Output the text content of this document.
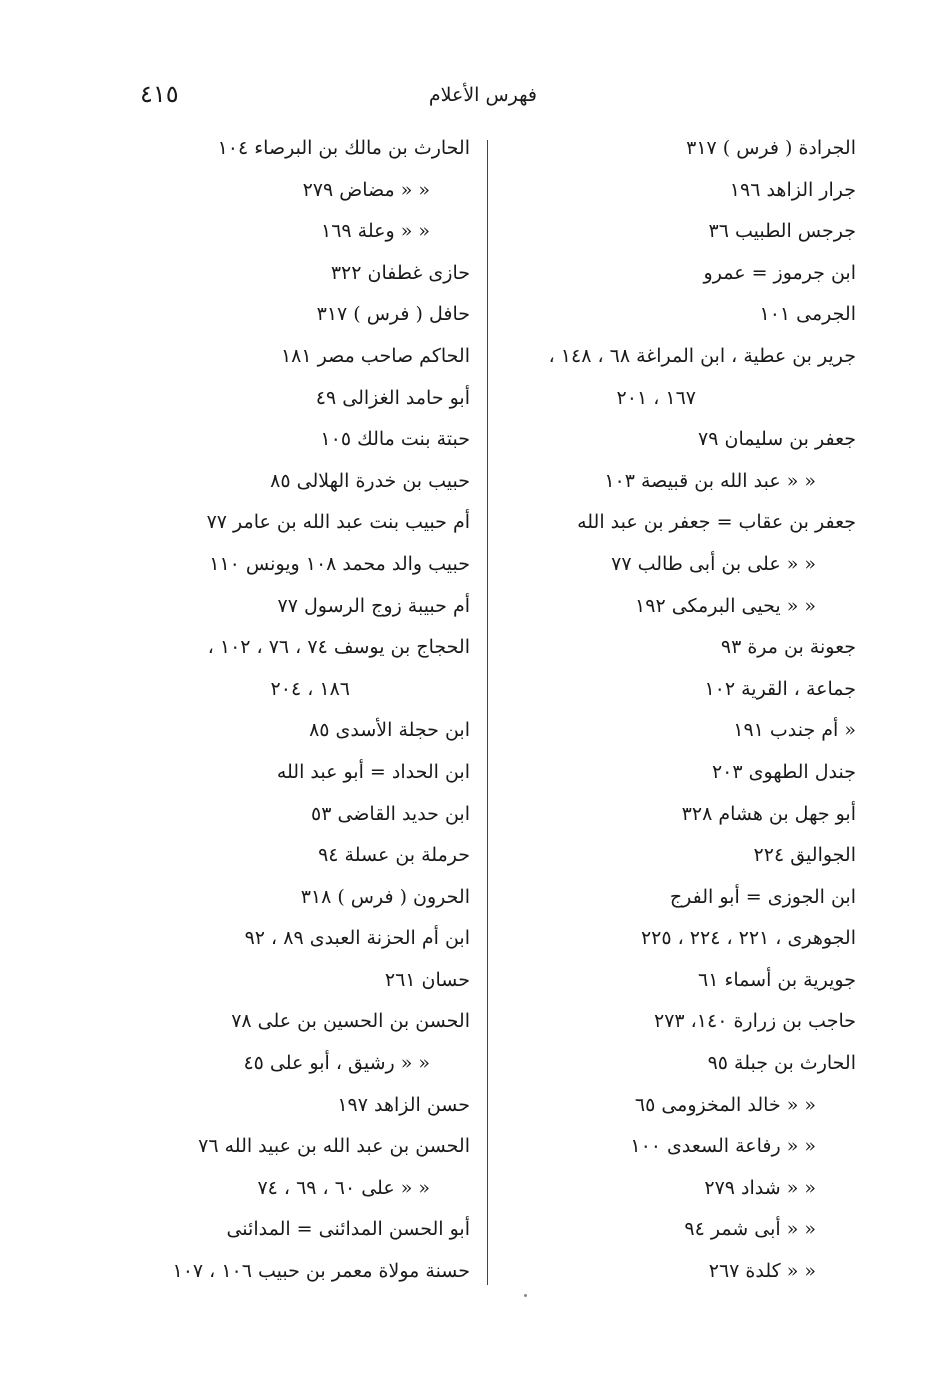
فهرس الأعلام
٤١٥
الجرادة ( فرس ) ٣١٧
جرار الزاهد ١٩٦
جرجس الطبيب ٣٦
ابن جرموز = عمرو
الجرمى ١٠١
جرير بن عطية ، ابن المراغة ٦٨ ، ١٤٨ ،
١٦٧ ، ٢٠١
جعفر بن سليمان ٧٩
« « عبد الله بن قبيصة ١٠٣
جعفر بن عقاب = جعفر بن عبد الله
« « على بن أبى طالب ٧٧
« « يحيى البرمكى ١٩٢
جعونة بن مرة ٩٣
جماعة ، القرية ١٠٢
« أم جندب ١٩١
جندل الطهوى ٢٠٣
أبو جهل بن هشام ٣٢٨
الجواليق ٢٢٤
ابن الجوزى = أبو الفرج
الجوهرى ، ٢٢١ ، ٢٢٤ ، ٢٢٥
جويرية بن أسماء ٦١
حاجب بن زرارة ١٤٠، ٢٧٣
الحارث بن جبلة ٩٥
« « خالد المخزومى ٦٥
« « رفاعة السعدى ١٠٠
« « شداد ٢٧٩
« « أبى شمر ٩٤
« « كلدة ٢٦٧
الحارث بن مالك بن البرصاء ١٠٤
« « مضاض ٢٧٩
« « وعلة ١٦٩
حازى غطفان ٣٢٢
حافل ( فرس ) ٣١٧
الحاكم صاحب مصر ١٨١
أبو حامد الغزالى ٤٩
حبتة بنت مالك ١٠٥
حبيب بن خدرة الهلالى ٨٥
أم حبيب بنت عبد الله بن عامر ٧٧
حبيب والد محمد ١٠٨ ويونس ١١٠
أم حبيبة زوج الرسول ٧٧
الحجاج بن يوسف ٧٤ ، ٧٦ ، ١٠٢ ،
١٨٦ ، ٢٠٤
ابن حجلة الأسدى ٨٥
ابن الحداد = أبو عبد الله
ابن حديد القاضى ٥٣
حرملة بن عسلة ٩٤
الحرون ( فرس ) ٣١٨
ابن أم الحزنة العبدى ٨٩ ، ٩٢
حسان ٢٦١
الحسن بن الحسين بن على ٧٨
« « رشيق ، أبو على ٤٥
حسن الزاهد ١٩٧
الحسن بن عبد الله بن عبيد الله ٧٦
« « على ٦٠ ، ٦٩ ، ٧٤
أبو الحسن المدائنى = المدائنى
حسنة مولاة معمر بن حبيب ١٠٦ ، ١٠٧
